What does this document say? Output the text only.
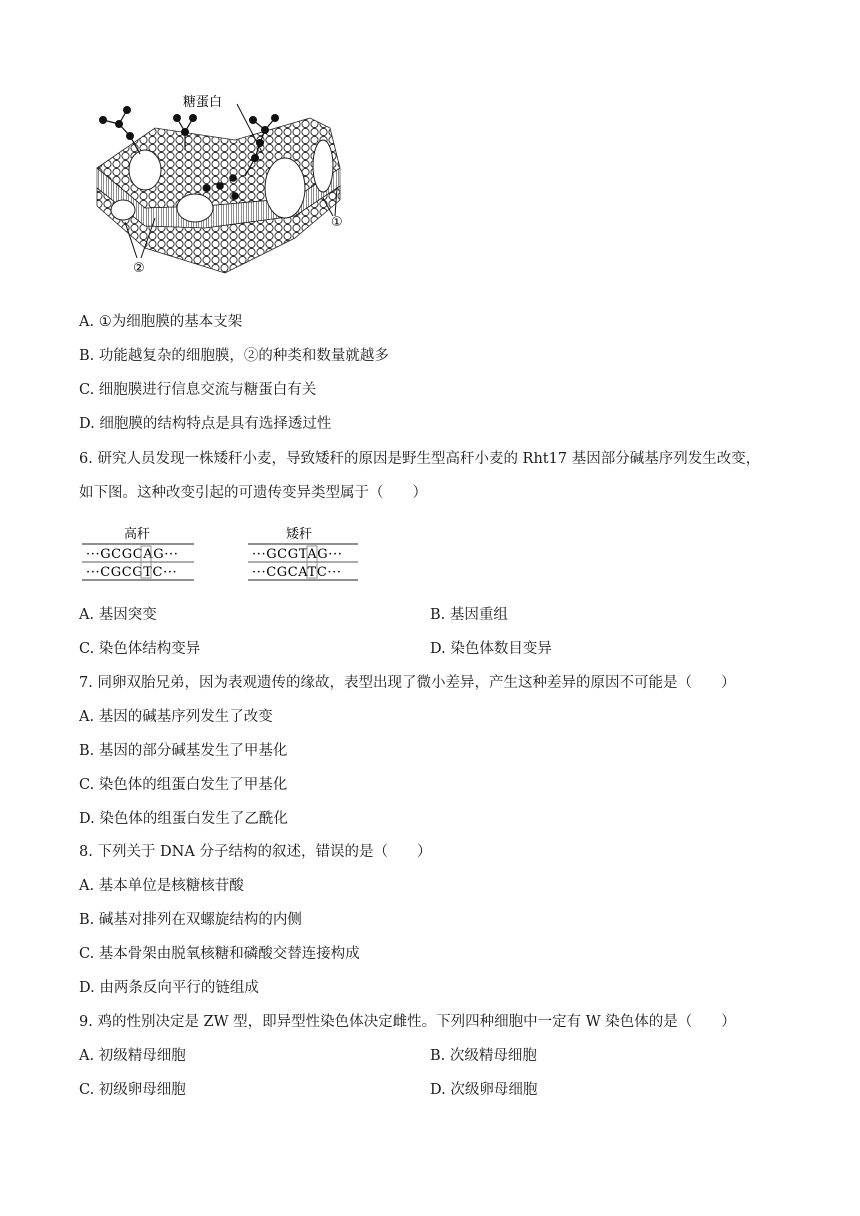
糖蛋白
①
②
A. ①为细胞膜的基本支架
B. 功能越复杂的细胞膜，②的种类和数量就越多
C. 细胞膜进行信息交流与糖蛋白有关
D. 细胞膜的结构特点是具有选择透过性
6. 研究人员发现一株矮秆小麦，导致矮秆的原因是野生型高秆小麦的 Rht17 基因部分碱基序列发生改变，
如下图。这种改变引起的可遗传变异类型属于（　　）
高秆
···GCGCAG···
···CGCGTC···
矮秆
···GCGTAG···
···CGCATC···
A. 基因突变	B. 基因重组
C. 染色体结构变异	D. 染色体数目变异
7. 同卵双胎兄弟，因为表观遗传的缘故，表型出现了微小差异，产生这种差异的原因不可能是（　　）
A. 基因的碱基序列发生了改变
B. 基因的部分碱基发生了甲基化
C. 染色体的组蛋白发生了甲基化
D. 染色体的组蛋白发生了乙酰化
8. 下列关于 DNA 分子结构的叙述，错误的是（　　）
A. 基本单位是核糖核苷酸
B. 碱基对排列在双螺旋结构的内侧
C. 基本骨架由脱氧核糖和磷酸交替连接构成
D. 由两条反向平行的链组成
9. 鸡的性别决定是 ZW 型，即异型性染色体决定雌性。下列四种细胞中一定有 W 染色体的是（　　）
A. 初级精母细胞	B. 次级精母细胞
C. 初级卵母细胞	D. 次级卵母细胞
